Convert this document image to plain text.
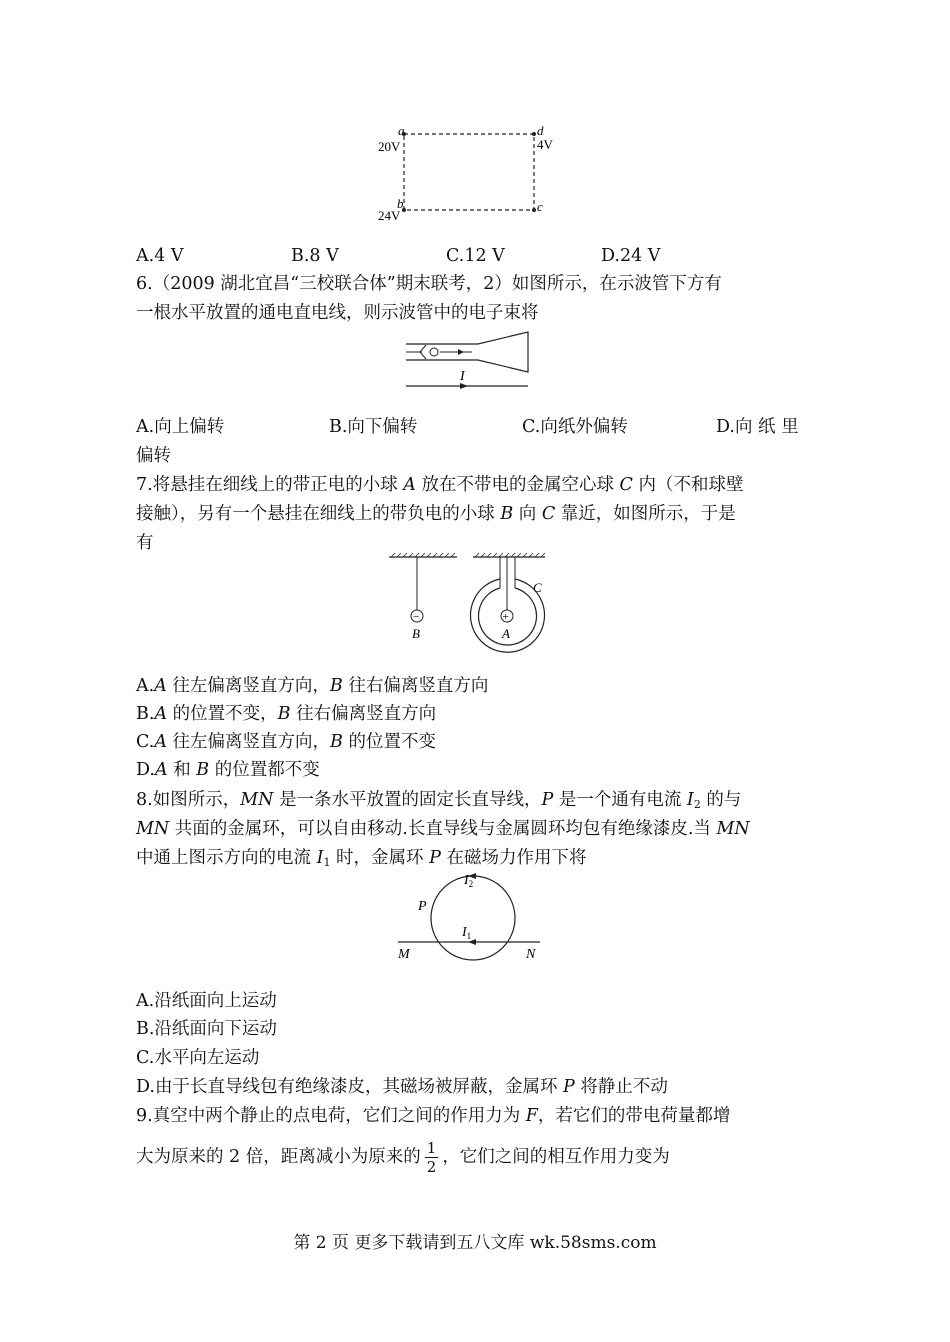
a	d
20V	4V
b	c
24V
A.4 V	B.8 V	C.12 V	D.24 V
6.（2009 湖北宜昌“三校联合体”期末联考，2）如图所示，在示波管下方有
一根水平放置的通电直电线，则示波管中的电子束将
I
A.向上偏转	B.向下偏转	C.向纸外偏转	D.向 纸 里
偏转
7.将悬挂在细线上的带正电的小球 A 放在不带电的金属空心球 C 内（不和球壁
接触），另有一个悬挂在细线上的带负电的小球 B 向 C 靠近，如图所示，于是
有
−
B
+
A
C
A.A 往左偏离竖直方向，B 往右偏离竖直方向
B.A 的位置不变，B 往右偏离竖直方向
C.A 往左偏离竖直方向，B 的位置不变
D.A 和 B 的位置都不变
8.如图所示，MN 是一条水平放置的固定长直导线，P 是一个通有电流 $I_2$ 的与
MN 共面的金属环，可以自由移动.长直导线与金属圆环均包有绝缘漆皮.当 MN
中通上图示方向的电流 $I_1$ 时，金属环 P 在磁场力作用下将
$I_2$
P
$I_1$
M	N
A.沿纸面向上运动
B.沿纸面向下运动
C.水平向左运动
D.由于长直导线包有绝缘漆皮，其磁场被屏蔽，金属环 P 将静止不动
9.真空中两个静止的点电荷，它们之间的作用力为 F，若它们的带电荷量都增
大为原来的 2 倍，距离减小为原来的 $\frac{1}{2}$ ，它们之间的相互作用力变为
第 2 页 更多下载请到五八文库 wk.58sms.com
